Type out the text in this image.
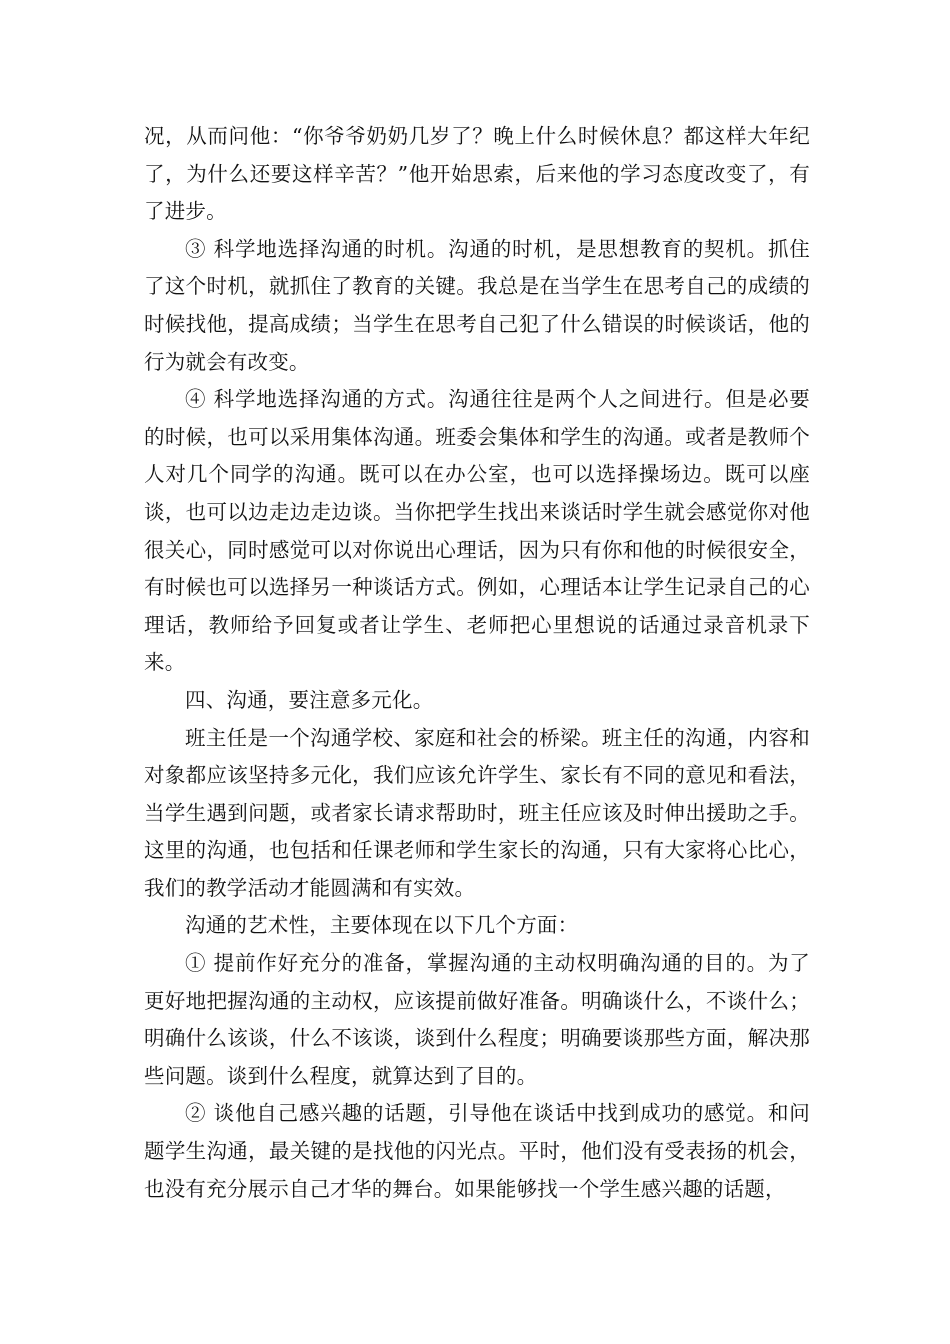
况，从而问他：“你爷爷奶奶几岁了？晚上什么时候休息？都这样大年纪了，为什么还要这样辛苦？”他开始思索，后来他的学习态度改变了，有了进步。

③ 科学地选择沟通的时机。沟通的时机，是思想教育的契机。抓住了这个时机，就抓住了教育的关键。我总是在当学生在思考自己的成绩的时候找他，提高成绩；当学生在思考自己犯了什么错误的时候谈话，他的行为就会有改变。

④ 科学地选择沟通的方式。沟通往往是两个人之间进行。但是必要的时候，也可以采用集体沟通。班委会集体和学生的沟通。或者是教师个人对几个同学的沟通。既可以在办公室，也可以选择操场边。既可以座谈，也可以边走边走边谈。当你把学生找出来谈话时学生就会感觉你对他很关心，同时感觉可以对你说出心理话，因为只有你和他的时候很安全，有时候也可以选择另一种谈话方式。例如，心理话本让学生记录自己的心理话，教师给予回复或者让学生、老师把心里想说的话通过录音机录下来。

四、沟通，要注意多元化。

班主任是一个沟通学校、家庭和社会的桥梁。班主任的沟通，内容和对象都应该坚持多元化，我们应该允许学生、家长有不同的意见和看法，当学生遇到问题，或者家长请求帮助时，班主任应该及时伸出援助之手。这里的沟通，也包括和任课老师和学生家长的沟通，只有大家将心比心，我们的教学活动才能圆满和有实效。

沟通的艺术性，主要体现在以下几个方面：

① 提前作好充分的准备，掌握沟通的主动权明确沟通的目的。为了更好地把握沟通的主动权，应该提前做好准备。明确谈什么，不谈什么；明确什么该谈，什么不该谈，谈到什么程度；明确要谈那些方面，解决那些问题。谈到什么程度，就算达到了目的。

② 谈他自己感兴趣的话题，引导他在谈话中找到成功的感觉。和问题学生沟通，最关键的是找他的闪光点。平时，他们没有受表扬的机会，也没有充分展示自己才华的舞台。如果能够找一个学生感兴趣的话题，
